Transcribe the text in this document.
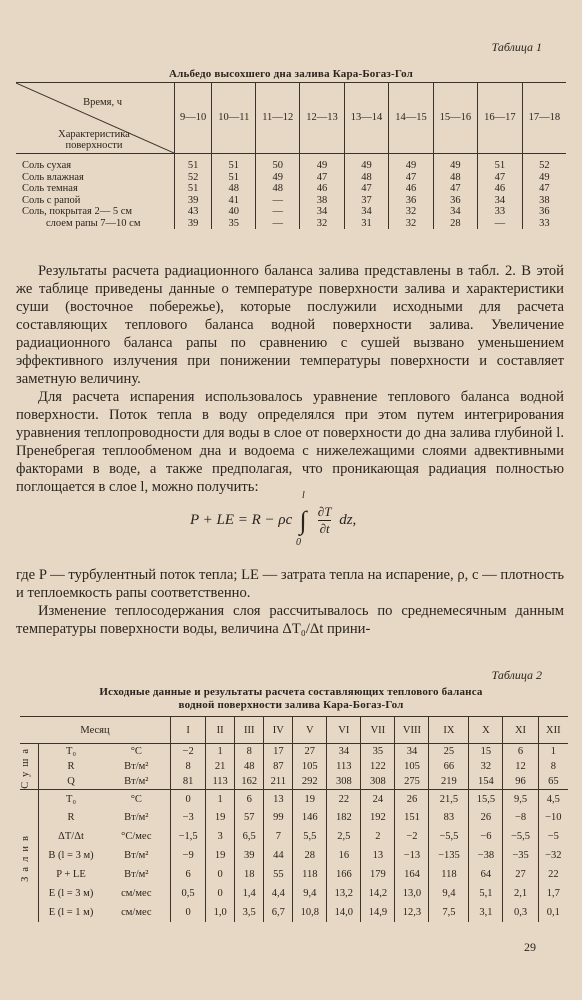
Таблица 1
Альбедо высохшего дна залива Кара-Богаз-Гол
Время, ч
Характеристика поверхности	9—10	10—11	11—12	12—13	13—14	14—15	15—16	16—17	17—18
Соль сухая	51	51	50	49	49	49	49	51	52
Соль влажная	52	51	49	47	48	47	48	47	49
Соль темная	51	48	48	46	47	46	47	46	47
Соль с рапой	39	41	—	38	37	36	36	34	38
Соль, покрытая 2— 5 см	43	40	—	34	34	32	34	33	36
слоем рапы 7—10 см	39	35	—	32	31	32	28	—	33

Результаты расчета радиационного баланса залива представлены в табл. 2. В этой же таблице приведены данные о температуре поверхности залива и характеристики суши (восточное побережье), которые послужили исходными для расчета составляющих теплового баланса водной поверхности залива. Увеличение радиационного баланса рапы по сравнению с сушей вызвано уменьшением эффективного излучения при понижении температуры поверхности и составляет заметную величину.

Для расчета испарения использовалось уравнение теплового баланса водной поверхности. Поток тепла в воду определялся при этом путем интегрирования уравнения теплопроводности для воды в слое от поверхности до дна залива глубиной l. Пренебрегая теплообменом дна и водоема с нижележащими слоями адвективными факторами в воде, а также предполагая, что проникающая радиация полностью поглощается в слое l, можно получить:

P + LE = R − ρc
l
∫
0

$\frac{\partial T}{\partial t}$ dz,

где P — турбулентный поток тепла; LE — затрата тепла на испарение, ρ, c — плотность и теплоемкость рапы соответственно.

Изменение теплосодержания слоя рассчитывалось по среднемесячным данным температуры поверхности воды, величина ΔT₀/Δt прини-

Таблица 2
Исходные данные и результаты расчета составляющих теплового баланса
водной поверхности залива Кара-Богаз-Гол
Месяц			I	II	III	IV	V	VI	VII	VIII	IX	X	XI	XII

Суша	T₀	°C	−2	1	8	17	27	34	35	34	25	15	6	1
	R	Вт/м²	8	21	48	87	105	113	122	105	66	32	12	8
	Q	Вт/м²	81	113	162	211	292	308	308	275	219	154	96	65

Залив	T₀	°C	0	1	6	13	19	22	24	26	21,5	15,5	9,5	4,5
	R	Вт/м²	−3	19	57	99	146	182	192	151	83	26	−8	−10
	ΔT/Δt	°C/мес	−1,5	3	6,5	7	5,5	2,5	2	−2	−5,5	−6	−5,5	−5
	B (l = 3 м)	Вт/м²	−9	19	39	44	28	16	13	−13	−135	−38	−35	−32
	P + LE	Вт/м²	6	0	18	55	118	166	179	164	118	64	27	22
	E (l = 3 м)	см/мес	0,5	0	1,4	4,4	9,4	13,2	14,2	13,0	9,4	5,1	2,1	1,7
	E (l = 1 м)	см/мес	0	1,0	3,5	6,7	10,8	14,0	14,9	12,3	7,5	3,1	0,3	0,1
29
